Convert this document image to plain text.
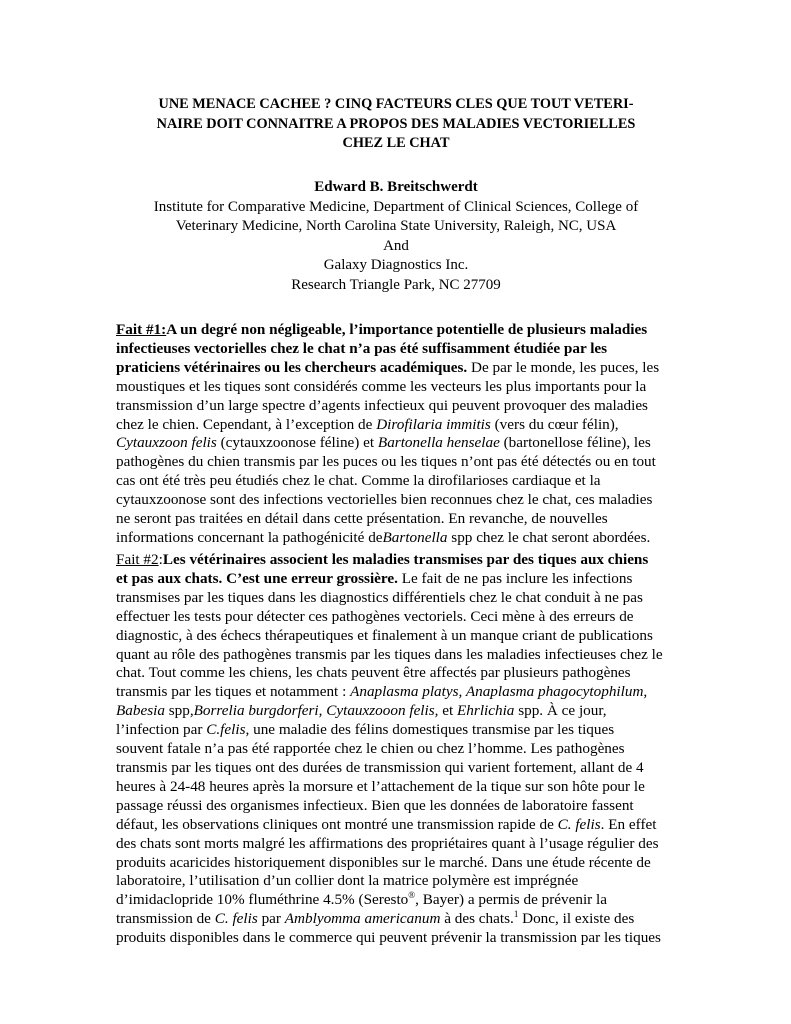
UNE MENACE CACHEE ? CINQ FACTEURS CLES QUE TOUT VETERI-
NAIRE DOIT CONNAITRE A PROPOS DES MALADIES VECTORIELLES
CHEZ LE CHAT
Edward B. Breitschwerdt
Institute for Comparative Medicine, Department of Clinical Sciences, College of
Veterinary Medicine, North Carolina State University, Raleigh, NC, USA
And
Galaxy Diagnostics Inc.
Research Triangle Park, NC 27709
Fait #1:A un degré non négligeable, l’importance potentielle de plusieurs maladies
infectieuses vectorielles chez le chat n’a pas été suffisamment étudiée par les
praticiens vétérinaires ou les chercheurs académiques. De par le monde, les puces, les
moustiques et les tiques sont considérés comme les vecteurs les plus importants pour la
transmission d’un large spectre d’agents infectieux qui peuvent provoquer des maladies
chez le chien. Cependant, à l’exception de Dirofilaria immitis (vers du cœur félin),
Cytauxzoon felis (cytauxzoonose féline) et Bartonella henselae (bartonellose féline), les
pathogènes du chien transmis par les puces ou les tiques n’ont pas été détectés ou en tout
cas ont été très peu étudiés chez le chat. Comme la dirofilarioses cardiaque et la
cytauxzoonose sont des infections vectorielles bien reconnues chez le chat, ces maladies
ne seront pas traitées en détail dans cette présentation. En revanche, de nouvelles
informations concernant la pathogénicité deBartonella spp chez le chat seront abordées.
Fait #2:Les vétérinaires associent les maladies transmises par des tiques aux chiens
et pas aux chats. C’est une erreur grossière. Le fait de ne pas inclure les infections
transmises par les tiques dans les diagnostics différentiels chez le chat conduit à ne pas
effectuer les tests pour détecter ces pathogènes vectoriels. Ceci mène à des erreurs de
diagnostic, à des échecs thérapeutiques et finalement à un manque criant de publications
quant au rôle des pathogènes transmis par les tiques dans les maladies infectieuses chez le
chat. Tout comme les chiens, les chats peuvent être affectés par plusieurs pathogènes
transmis par les tiques et notamment : Anaplasma platys, Anaplasma phagocytophilum,
Babesia spp,Borrelia burgdorferi, Cytauxzooon felis, et Ehrlichia spp. À ce jour,
l’infection par C.felis, une maladie des félins domestiques transmise par les tiques
souvent fatale n’a pas été rapportée chez le chien ou chez l’homme. Les pathogènes
transmis par les tiques ont des durées de transmission qui varient fortement, allant de 4
heures à 24-48 heures après la morsure et l’attachement de la tique sur son hôte pour le
passage réussi des organismes infectieux. Bien que les données de laboratoire fassent
défaut, les observations cliniques ont montré une transmission rapide de C. felis. En effet
des chats sont morts malgré les affirmations des propriétaires quant à l’usage régulier des
produits acaricides historiquement disponibles sur le marché. Dans une étude récente de
laboratoire, l’utilisation d’un collier dont la matrice polymère est imprégnée
d’imidaclopride 10% fluméthrine 4.5% (Seresto®, Bayer) a permis de prévenir la
transmission de C. felis par Amblyomma americanum à des chats.$^1$ Donc, il existe des
produits disponibles dans le commerce qui peuvent prévenir la transmission par les tiques
